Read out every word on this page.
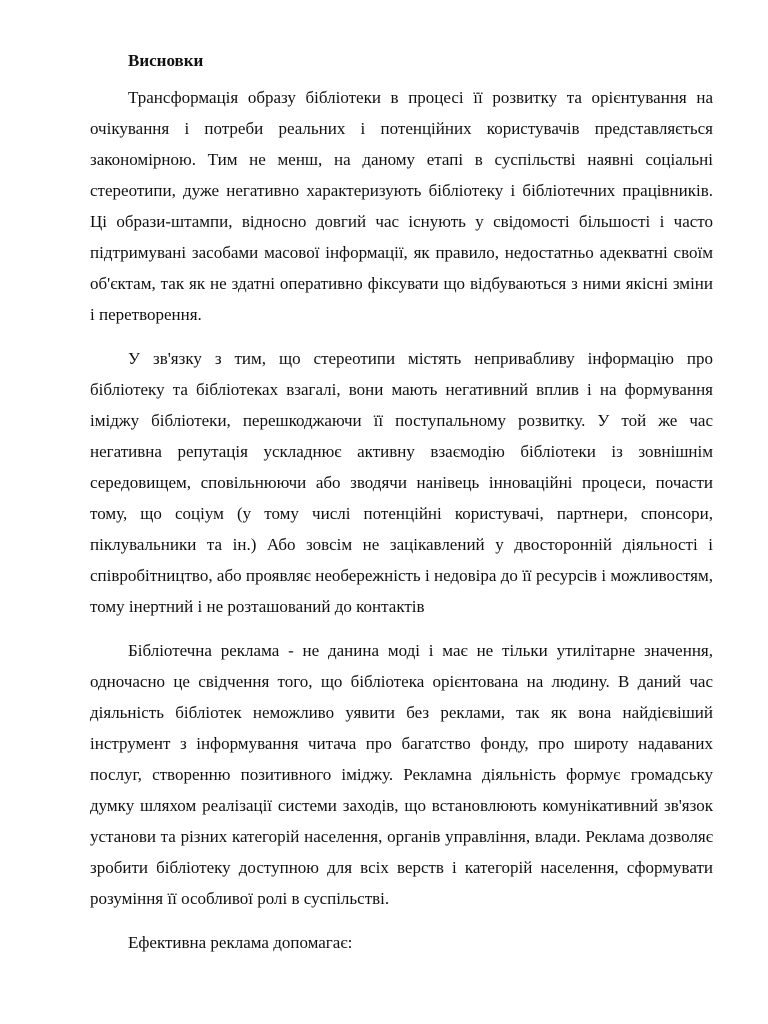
Висновки

Трансформація образу бібліотеки в процесі її розвитку та орієнтування на очікування і потреби реальних і потенційних користувачів представляється закономірною. Тим не менш, на даному етапі в суспільстві наявні соціальні стереотипи, дуже негативно характеризують бібліотеку і бібліотечних працівників. Ці образи-штампи, відносно довгий час існують у свідомості більшості і часто підтримувані засобами масової інформації, як правило, недостатньо адекватні своїм об'єктам, так як не здатні оперативно фіксувати що відбуваються з ними якісні зміни і перетворення.

У зв'язку з тим, що стереотипи містять непривабливу інформацію про бібліотеку та бібліотеках взагалі, вони мають негативний вплив і на формування іміджу бібліотеки, перешкоджаючи її поступальному розвитку. У той же час негативна репутація ускладнює активну взаємодію бібліотеки із зовнішнім середовищем, сповільнюючи або зводячи нанівець інноваційні процеси, почасти тому, що соціум (у тому числі потенційні користувачі, партнери, спонсори, піклувальники та ін.) Або зовсім не зацікавлений у двосторонній діяльності і співробітництво, або проявляє необережність і недовіра до її ресурсів і можливостям, тому інертний і не розташований до контактів

Бібліотечна реклама - не данина моді і має не тільки утилітарне значення, одночасно це свідчення того, що бібліотека орієнтована на людину. В даний час діяльність бібліотек неможливо уявити без реклами, так як вона найдієвіший інструмент з інформування читача про багатство фонду, про широту надаваних послуг, створенню позитивного іміджу. Рекламна діяльність формує громадську думку шляхом реалізації системи заходів, що встановлюють комунікативний зв'язок установи та різних категорій населення, органів управління, влади. Реклама дозволяє зробити бібліотеку доступною для всіх верств і категорій населення, сформувати розуміння її особливої ролі в суспільстві.

Ефективна реклама допомагає:
